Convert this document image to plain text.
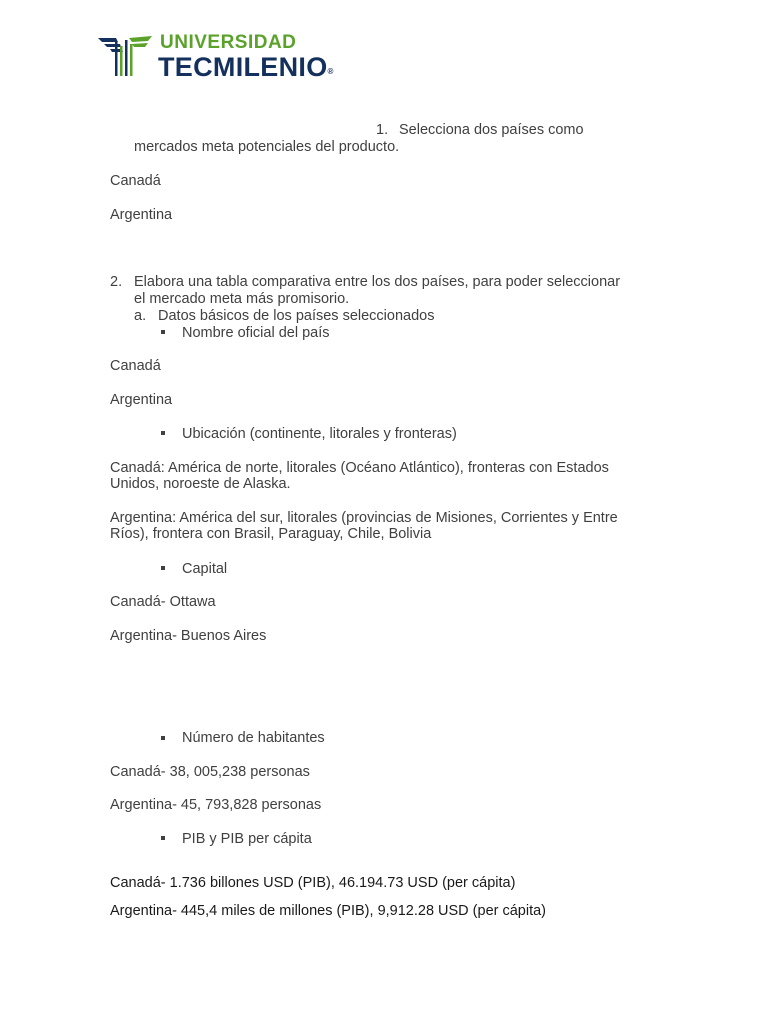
UNIVERSIDAD
TECMILENIO®
1. Selecciona dos países como
mercados meta potenciales del producto.
Canadá
Argentina
2. Elabora una tabla comparativa entre los dos países, para poder seleccionar
el mercado meta más promisorio.
a. Datos básicos de los países seleccionados
Nombre oficial del país
Canadá
Argentina
Ubicación (continente, litorales y fronteras)
Canadá: América de norte, litorales (Océano Atlántico), fronteras con Estados
Unidos, noroeste de Alaska.
Argentina: América del sur, litorales (provincias de Misiones, Corrientes y Entre
Ríos), frontera con Brasil, Paraguay, Chile, Bolivia
Capital
Canadá- Ottawa
Argentina- Buenos Aires
Número de habitantes
Canadá- 38, 005,238 personas
Argentina- 45, 793,828 personas
PIB y PIB per cápita
Canadá- 1.736 billones USD (PIB), 46.194.73 USD (per cápita)
Argentina- 445,4 miles de millones (PIB), 9,912.28 USD (per cápita)
